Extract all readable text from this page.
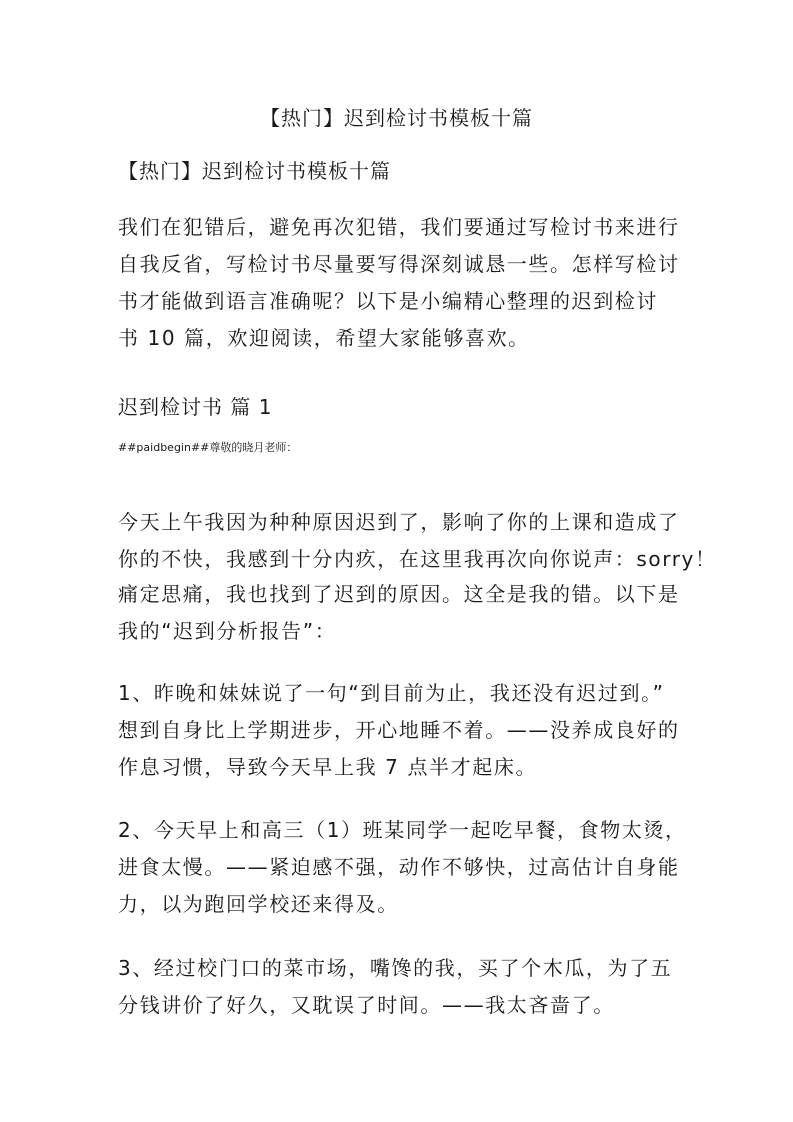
【热门】迟到检讨书模板十篇

【热门】迟到检讨书模板十篇

我们在犯错后，避免再次犯错，我们要通过写检讨书来进行
自我反省，写检讨书尽量要写得深刻诚恳一些。怎样写检讨
书才能做到语言准确呢？以下是小编精心整理的迟到检讨
书 10 篇，欢迎阅读，希望大家能够喜欢。

迟到检讨书 篇 1

##paidbegin##尊敬的晓月老师：

今天上午我因为种种原因迟到了，影响了你的上课和造成了
你的不快，我感到十分内疚，在这里我再次向你说声：sorry！
痛定思痛，我也找到了迟到的原因。这全是我的错。以下是
我的“迟到分析报告”：
1、昨晚和妹妹说了一句“到目前为止，我还没有迟过到。”
想到自身比上学期进步，开心地睡不着。——没养成良好的
作息习惯，导致今天早上我 7 点半才起床。
2、今天早上和高三（1）班某同学一起吃早餐，食物太烫，
进食太慢。——紧迫感不强，动作不够快，过高估计自身能
力，以为跑回学校还来得及。
3、经过校门口的菜市场，嘴馋的我，买了个木瓜，为了五
分钱讲价了好久，又耽误了时间。——我太吝啬了。
